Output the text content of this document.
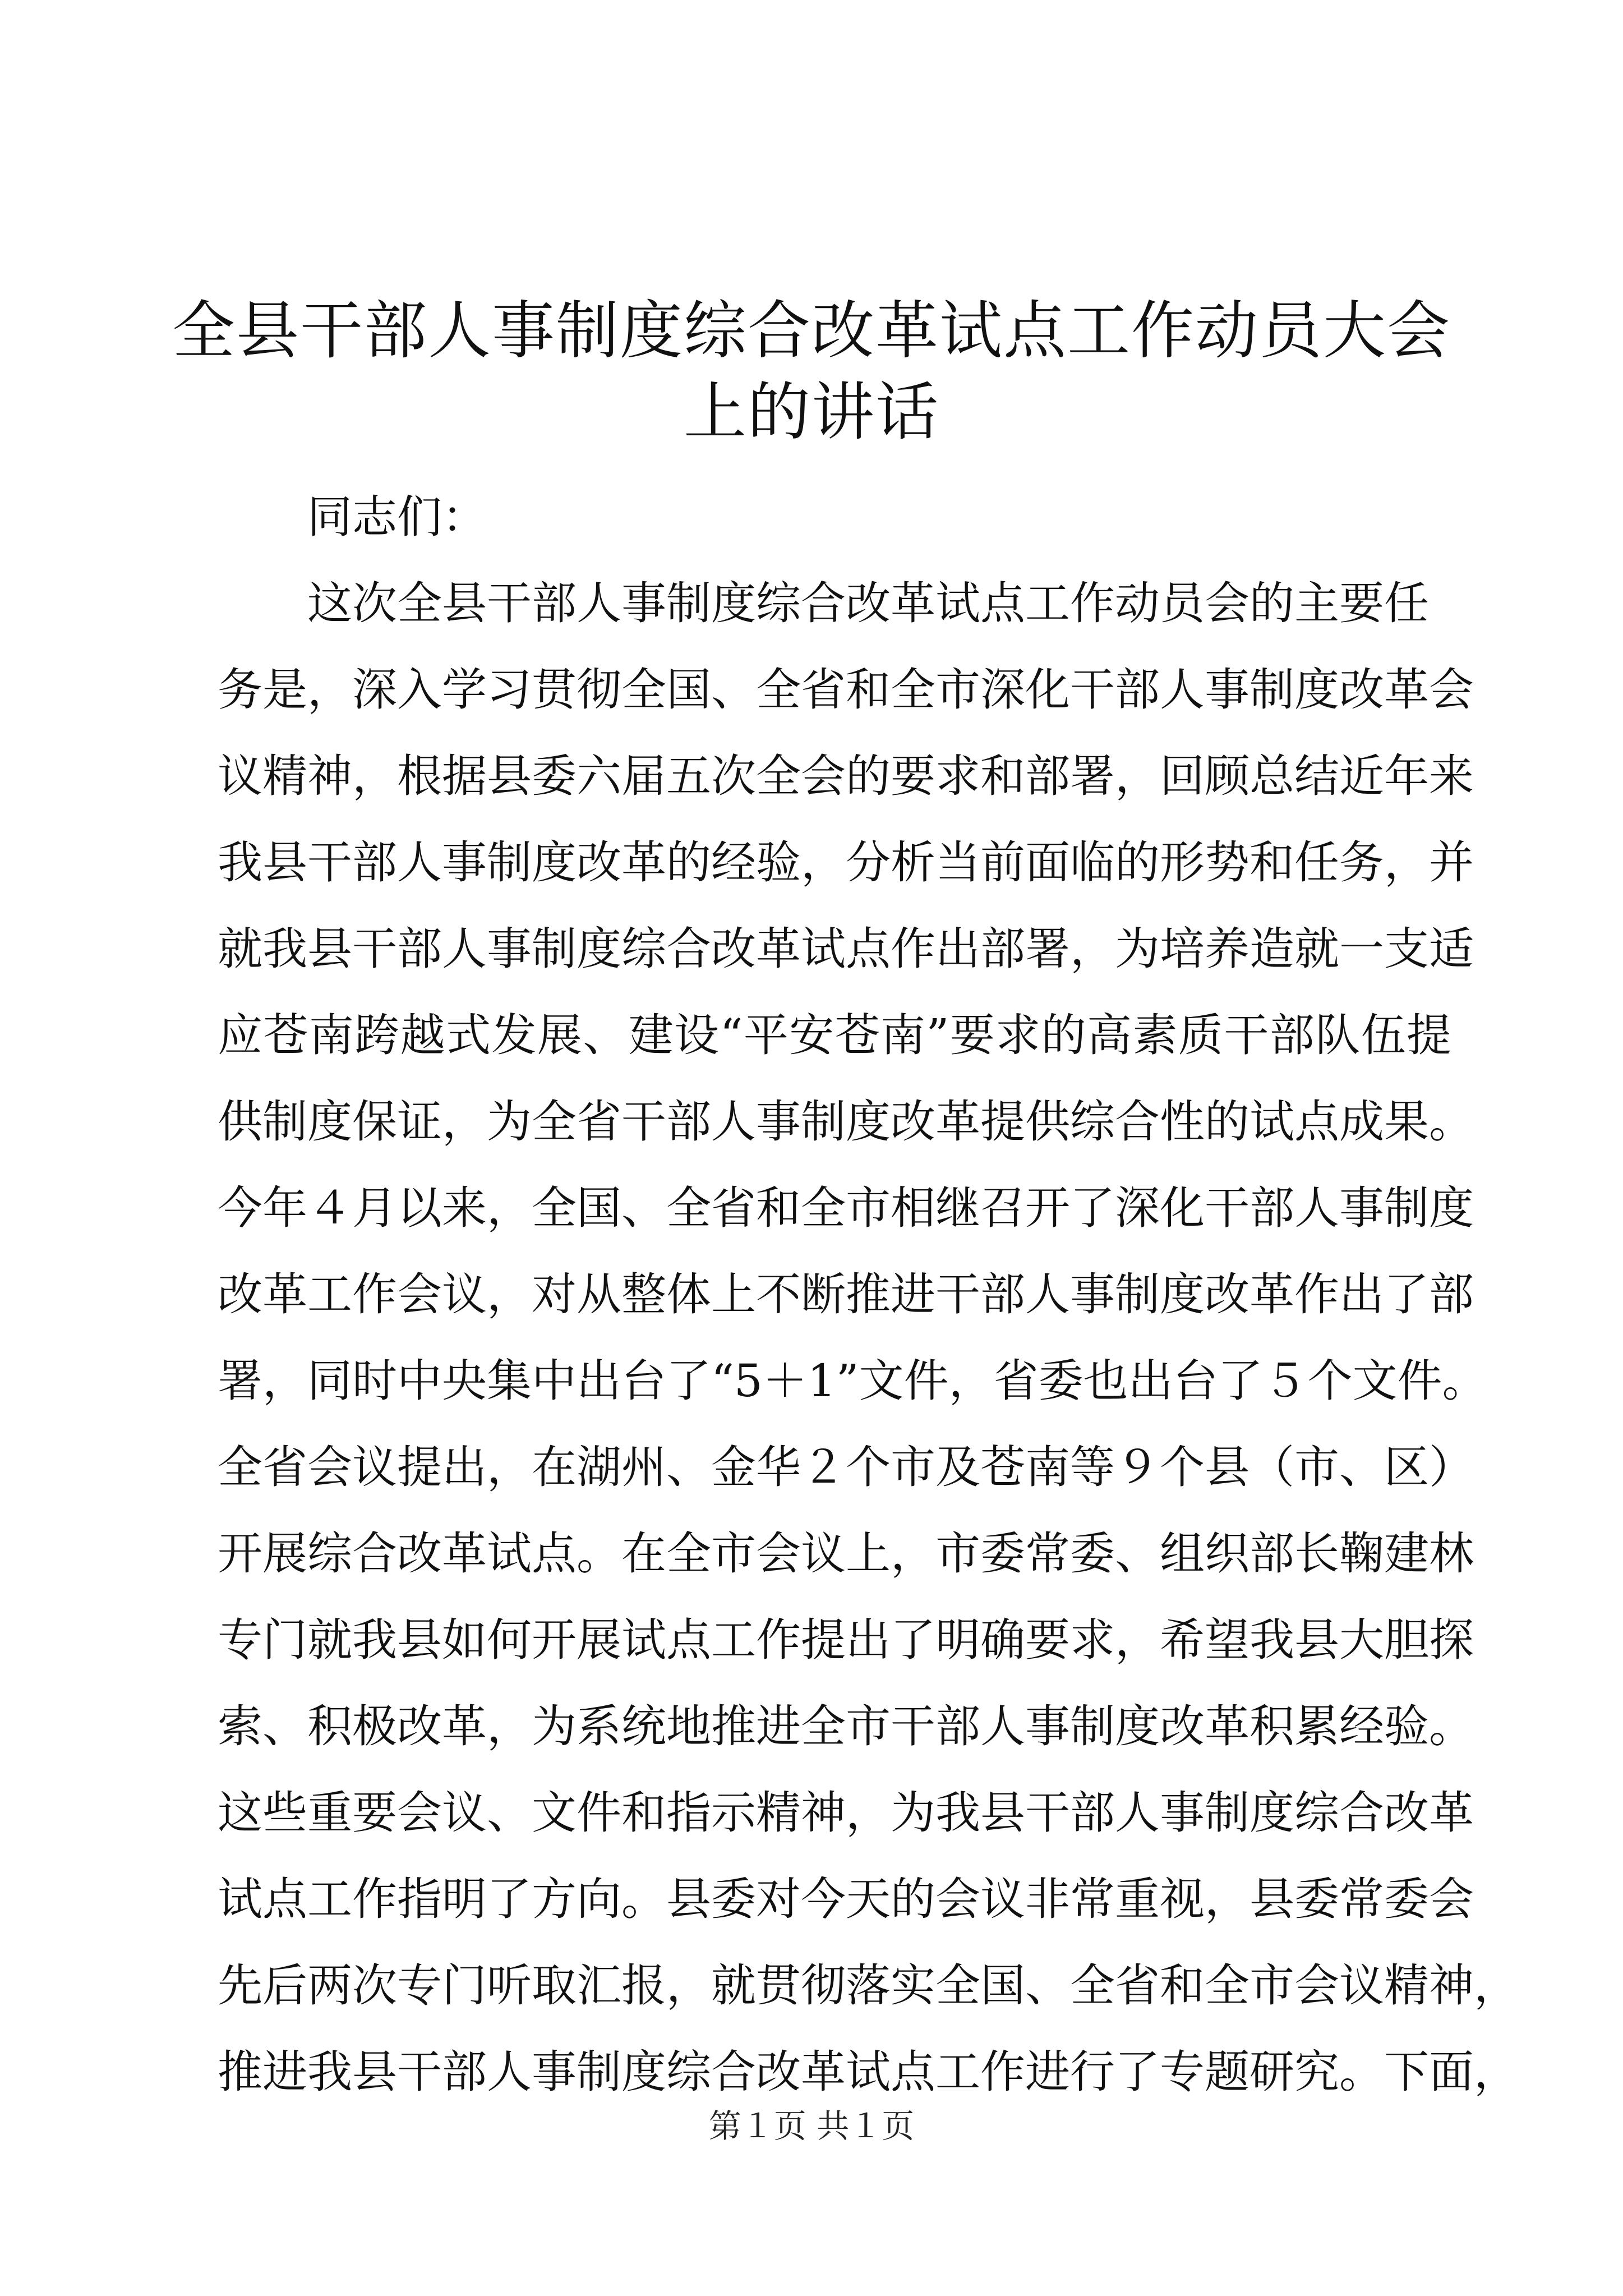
全县干部人事制度综合改革试点工作动员大会
上的讲话
同志们：
这次全县干部人事制度综合改革试点工作动员会的主要任
务是，深入学习贯彻全国、全省和全市深化干部人事制度改革会
议精神，根据县委六届五次全会的要求和部署，回顾总结近年来
我县干部人事制度改革的经验，分析当前面临的形势和任务，并
就我县干部人事制度综合改革试点作出部署，为培养造就一支适
应苍南跨越式发展、建设“平安苍南”要求的高素质干部队伍提
供制度保证，为全省干部人事制度改革提供综合性的试点成果。
今年４月以来，全国、全省和全市相继召开了深化干部人事制度
改革工作会议，对从整体上不断推进干部人事制度改革作出了部
署，同时中央集中出台了“5＋1”文件，省委也出台了５个文件。
全省会议提出，在湖州、金华２个市及苍南等９个县（市、区）
开展综合改革试点。在全市会议上，市委常委、组织部长鞠建林
专门就我县如何开展试点工作提出了明确要求，希望我县大胆探
索、积极改革，为系统地推进全市干部人事制度改革积累经验。
这些重要会议、文件和指示精神，为我县干部人事制度综合改革
试点工作指明了方向。县委对今天的会议非常重视，县委常委会
先后两次专门听取汇报，就贯彻落实全国、全省和全市会议精神，
推进我县干部人事制度综合改革试点工作进行了专题研究。下面，
第１页 共１页
